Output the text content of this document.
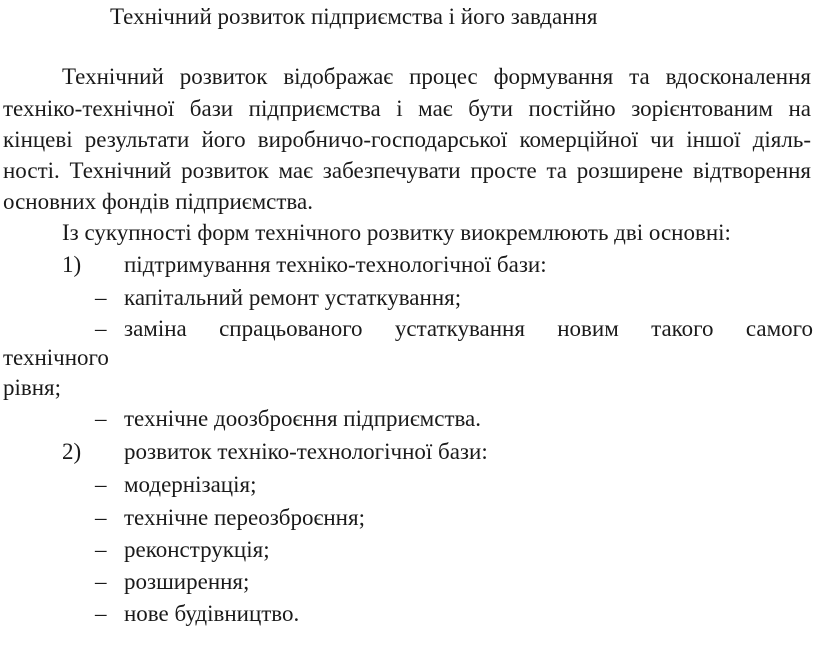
Технічний розвиток підприємства і його завдання
Технічний розвиток відображає процес формування та вдосконалення
техніко-технічної бази підприємства і має бути постійно зорієнтованим на
кінцеві результати його виробничо-господарської комерційної чи іншої діяль-
ності. Технічний розвиток має забезпечувати просте та розширене відтворення
основних фондів підприємства.
Із сукупності форм технічного розвитку виокремлюють дві основні:
1) підтримування техніко-технологічної бази:
– капітальний ремонт устаткування;
– заміна спрацьованого устаткування новим такого самого
технічного
рівня;
– технічне доозброєння підприємства.
2) розвиток техніко-технологічної бази:
– модернізація;
– технічне переозброєння;
– реконструкція;
– розширення;
– нове будівництво.
